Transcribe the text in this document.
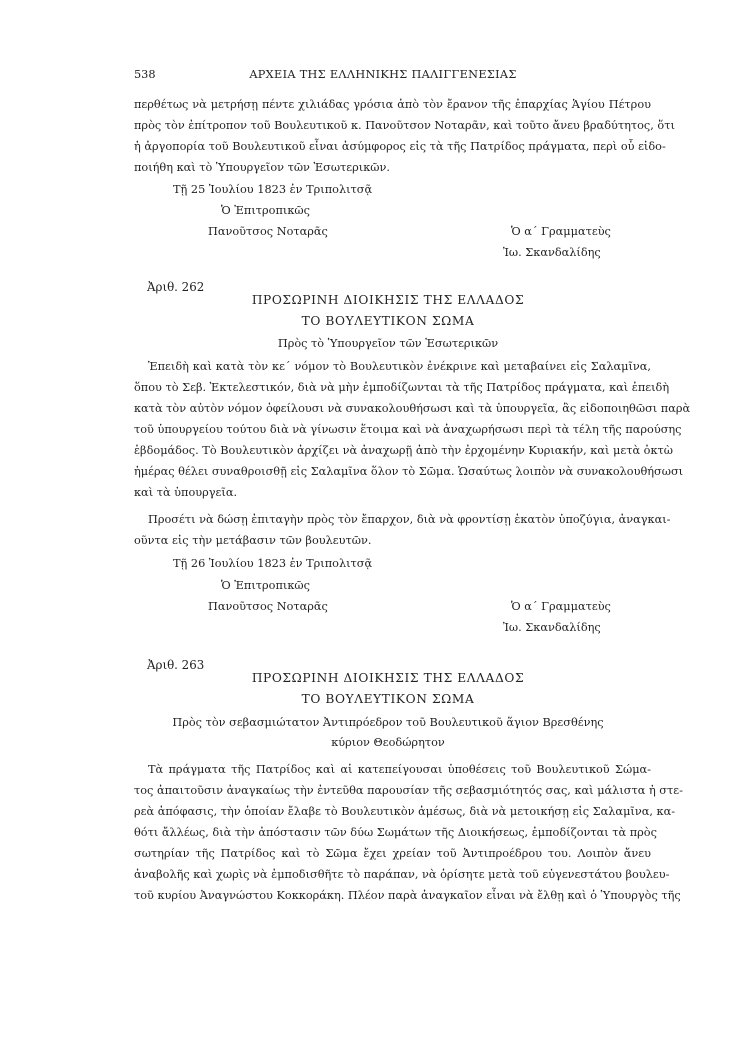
538	ΑΡΧΕΙΑ ΤΗΣ ΕΛΛΗΝΙΚΗΣ ΠΑΛΙΓΓΕΝΕΣΙΑΣ
περθέτως νὰ μετρήσῃ πέντε χιλιάδας γρόσια ἀπὸ τὸν ἔρανον τῆς ἐπαρχίας Ἁγίου Πέτρου
πρὸς τὸν ἐπίτροπον τοῦ Βουλευτικοῦ κ. Πανοῦτσον Νοταρᾶν, καὶ τοῦτο ἄνευ βραδύτητος, ὅτι
ἡ ἀργοπορία τοῦ Βουλευτικοῦ εἶναι ἀσύμφορος εἰς τὰ τῆς Πατρίδος πράγματα, περὶ οὗ εἰδο-
ποιήθη καὶ τὸ Ὑπουργεῖον τῶν Ἐσωτερικῶν.
Τῇ 25 Ἰουλίου 1823 ἐν Τριπολιτσᾷ
Ὁ Ἐπιτροπικῶς
Πανοῦτσος Νοταρᾶς	Ὁ α΄ Γραμματεὺς
Ἰω. Σκανδαλίδης
Ἀριθ. 262
ΠΡΟΣΩΡΙΝΗ ΔΙΟΙΚΗΣΙΣ ΤΗΣ ΕΛΛΑΔΟΣ
ΤΟ ΒΟΥΛΕΥΤΙΚΟΝ ΣΩΜΑ
Πρὸς τὸ Ὑπουργεῖον τῶν Ἐσωτερικῶν
Ἐπειδὴ καὶ κατὰ τὸν κε΄ νόμον τὸ Βουλευτικὸν ἐνέκρινε καὶ μεταβαίνει εἰς Σαλαμῖνα,
ὅπου τὸ Σεβ. Ἐκτελεστικόν, διὰ νὰ μὴν ἐμποδίζωνται τὰ τῆς Πατρίδος πράγματα, καὶ ἐπειδὴ
κατὰ τὸν αὐτὸν νόμον ὀφείλουσι νὰ συνακολουθήσωσι καὶ τὰ ὑπουργεῖα, ἂς εἰδοποιηθῶσι παρὰ
τοῦ ὑπουργείου τούτου διὰ νὰ γίνωσιν ἕτοιμα καὶ νὰ ἀναχωρήσωσι περὶ τὰ τέλη τῆς παρούσης
ἑβδομάδος. Τὸ Βουλευτικὸν ἀρχίζει νὰ ἀναχωρῇ ἀπὸ τὴν ἐρχομένην Κυριακήν, καὶ μετὰ ὀκτὼ
ἡμέρας θέλει συναθροισθῇ εἰς Σαλαμῖνα ὅλον τὸ Σῶμα. Ὡσαύτως λοιπὸν νὰ συνακολουθήσωσι
καὶ τὰ ὑπουργεῖα.
Προσέτι νὰ δώσῃ ἐπιταγὴν πρὸς τὸν ἔπαρχον, διὰ νὰ φροντίσῃ ἑκατὸν ὑποζύγια, ἀναγκαι-
οῦντα εἰς τὴν μετάβασιν τῶν βουλευτῶν.
Τῇ 26 Ἰουλίου 1823 ἐν Τριπολιτσᾷ
Ὁ Ἐπιτροπικῶς
Πανοῦτσος Νοταρᾶς	Ὁ α΄ Γραμματεὺς
Ἰω. Σκανδαλίδης
Ἀριθ. 263
ΠΡΟΣΩΡΙΝΗ ΔΙΟΙΚΗΣΙΣ ΤΗΣ ΕΛΛΑΔΟΣ
ΤΟ ΒΟΥΛΕΥΤΙΚΟΝ ΣΩΜΑ
Πρὸς τὸν σεβασμιώτατον Ἀντιπρόεδρον τοῦ Βουλευτικοῦ ἅγιον Βρεσθένης
κύριον Θεοδώρητον
Τὰ πράγματα τῆς Πατρίδος καὶ αἱ κατεπείγουσαι ὑποθέσεις τοῦ Βουλευτικοῦ Σώμα-
τος ἀπαιτοῦσιν ἀναγκαίως τὴν ἐντεῦθα παρουσίαν τῆς σεβασμιότητός σας, καὶ μάλιστα ἡ στε-
ρεὰ ἀπόφασις, τὴν ὁποίαν ἔλαβε τὸ Βουλευτικὸν ἀμέσως, διὰ νὰ μετοικήσῃ εἰς Σαλαμῖνα, κα-
θότι ἄλλέως, διὰ τὴν ἀπόστασιν τῶν δύω Σωμάτων τῆς Διοικήσεως, ἐμποδίζονται τὰ πρὸς
σωτηρίαν τῆς Πατρίδος καὶ τὸ Σῶμα ἔχει χρείαν τοῦ Ἀντιπροέδρου του. Λοιπὸν ἄνευ
ἀναβολῆς καὶ χωρὶς νὰ ἐμποδισθῆτε τὸ παράπαν, νὰ ὁρίσητε μετὰ τοῦ εὐγενεστάτου βουλευ-
τοῦ κυρίου Ἀναγνώστου Κοκκοράκη. Πλέον παρὰ ἀναγκαῖον εἶναι νὰ ἔλθῃ καὶ ὁ Ὑπουργὸς τῆς
